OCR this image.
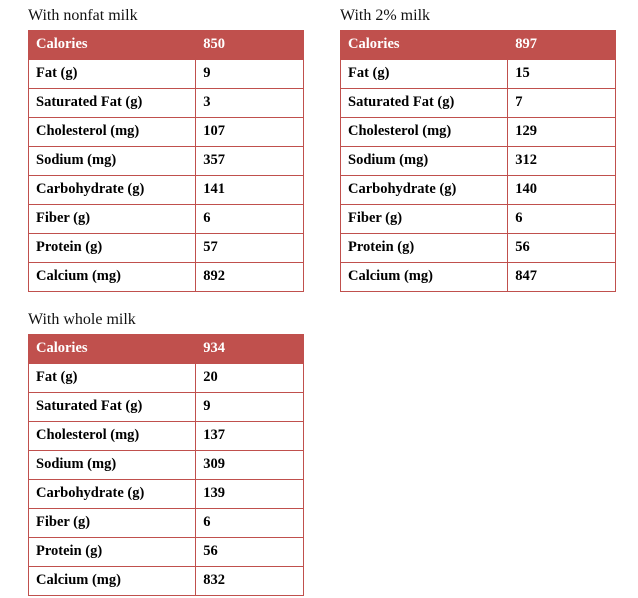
With nonfat milk
Calories	850
Fat (g)	9
Saturated Fat (g)	3
Cholesterol (mg)	107
Sodium (mg)	357
Carbohydrate (g)	141
Fiber (g)	6
Protein (g)	57
Calcium (mg)	892
With 2% milk
Calories	897
Fat (g)	15
Saturated Fat (g)	7
Cholesterol (mg)	129
Sodium (mg)	312
Carbohydrate (g)	140
Fiber (g)	6
Protein (g)	56
Calcium (mg)	847
With whole milk
Calories	934
Fat (g)	20
Saturated Fat (g)	9
Cholesterol (mg)	137
Sodium (mg)	309
Carbohydrate (g)	139
Fiber (g)	6
Protein (g)	56
Calcium (mg)	832
